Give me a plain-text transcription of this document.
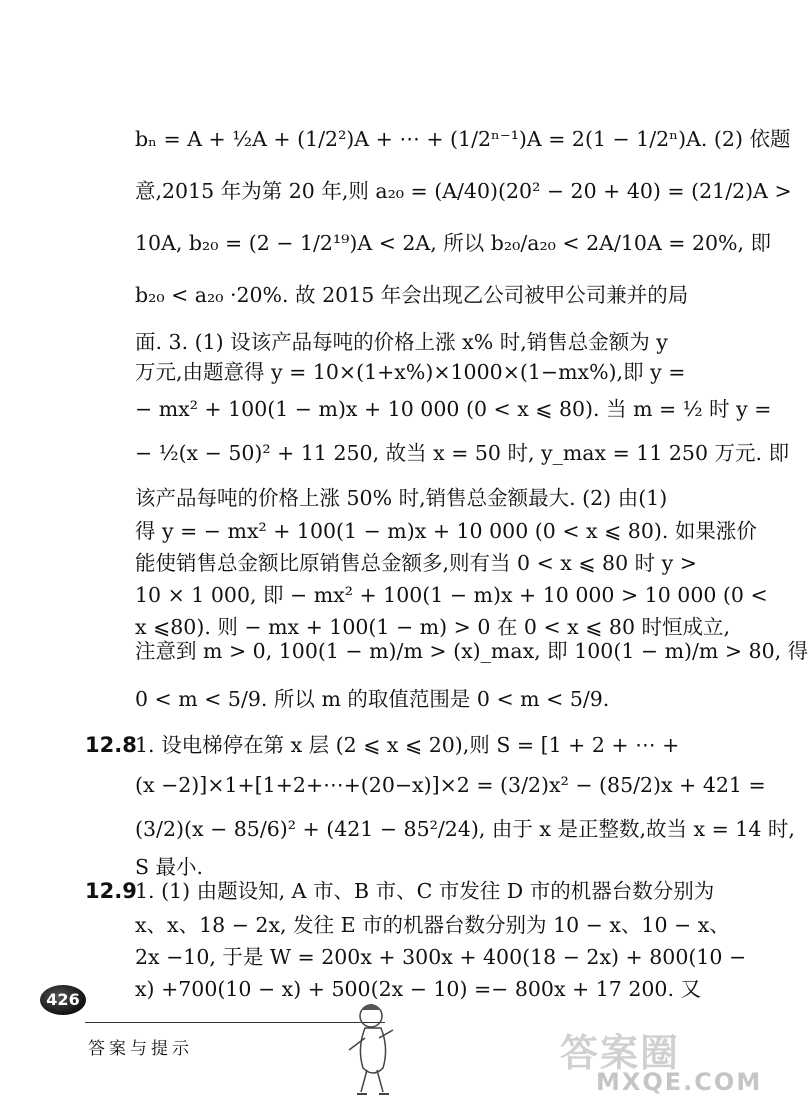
bₙ = A + ½A + (1/2²)A + ⋯ + (1/2ⁿ⁻¹)A = 2(1 − 1/2ⁿ)A. (2) 依题
意,2015 年为第 20 年,则 a₂₀ = (A/40)(20² − 20 + 40) = (21/2)A >
10A, b₂₀ = (2 − 1/2¹⁹)A < 2A, 所以 b₂₀/a₂₀ < 2A/10A = 20%, 即
b₂₀ < a₂₀ ·20%. 故 2015 年会出现乙公司被甲公司兼并的局
面. 3. (1) 设该产品每吨的价格上涨 x% 时,销售总金额为 y
万元,由题意得 y = 10×(1+x%)×1000×(1−mx%),即 y =
− mx² + 100(1 − m)x + 10 000 (0 < x ⩽ 80). 当 m = ½ 时 y =
− ½(x − 50)² + 11 250, 故当 x = 50 时, y_max = 11 250 万元. 即
该产品每吨的价格上涨 50% 时,销售总金额最大. (2) 由(1)
得 y = − mx² + 100(1 − m)x + 10 000 (0 < x ⩽ 80). 如果涨价
能使销售总金额比原销售总金额多,则有当 0 < x ⩽ 80 时 y >
10 × 1 000, 即 − mx² + 100(1 − m)x + 10 000 > 10 000 (0 <
x ⩽80). 则 − mx + 100(1 − m) > 0 在 0 < x ⩽ 80 时恒成立,
注意到 m > 0, 100(1 − m)/m > (x)_max, 即 100(1 − m)/m > 80, 得
0 < m < 5/9. 所以 m 的取值范围是 0 < m < 5/9.
12.8
1. 设电梯停在第 x 层 (2 ⩽ x ⩽ 20),则 S = [1 + 2 + ⋯ +
(x −2)]×1+[1+2+⋯+(20−x)]×2 = (3/2)x² − (85/2)x + 421 =
(3/2)(x − 85/6)² + (421 − 85²/24), 由于 x 是正整数,故当 x = 14 时,
S 最小.
12.9
1. (1) 由题设知, A 市、B 市、C 市发往 D 市的机器台数分别为
x、x、18 − 2x, 发往 E 市的机器台数分别为 10 − x、10 − x、
2x −10, 于是 W = 200x + 300x + 400(18 − 2x) + 800(10 −
x) +700(10 − x) + 500(2x − 10) =− 800x + 17 200. 又
426
答案与提示	答案圈
MXQE.COM
